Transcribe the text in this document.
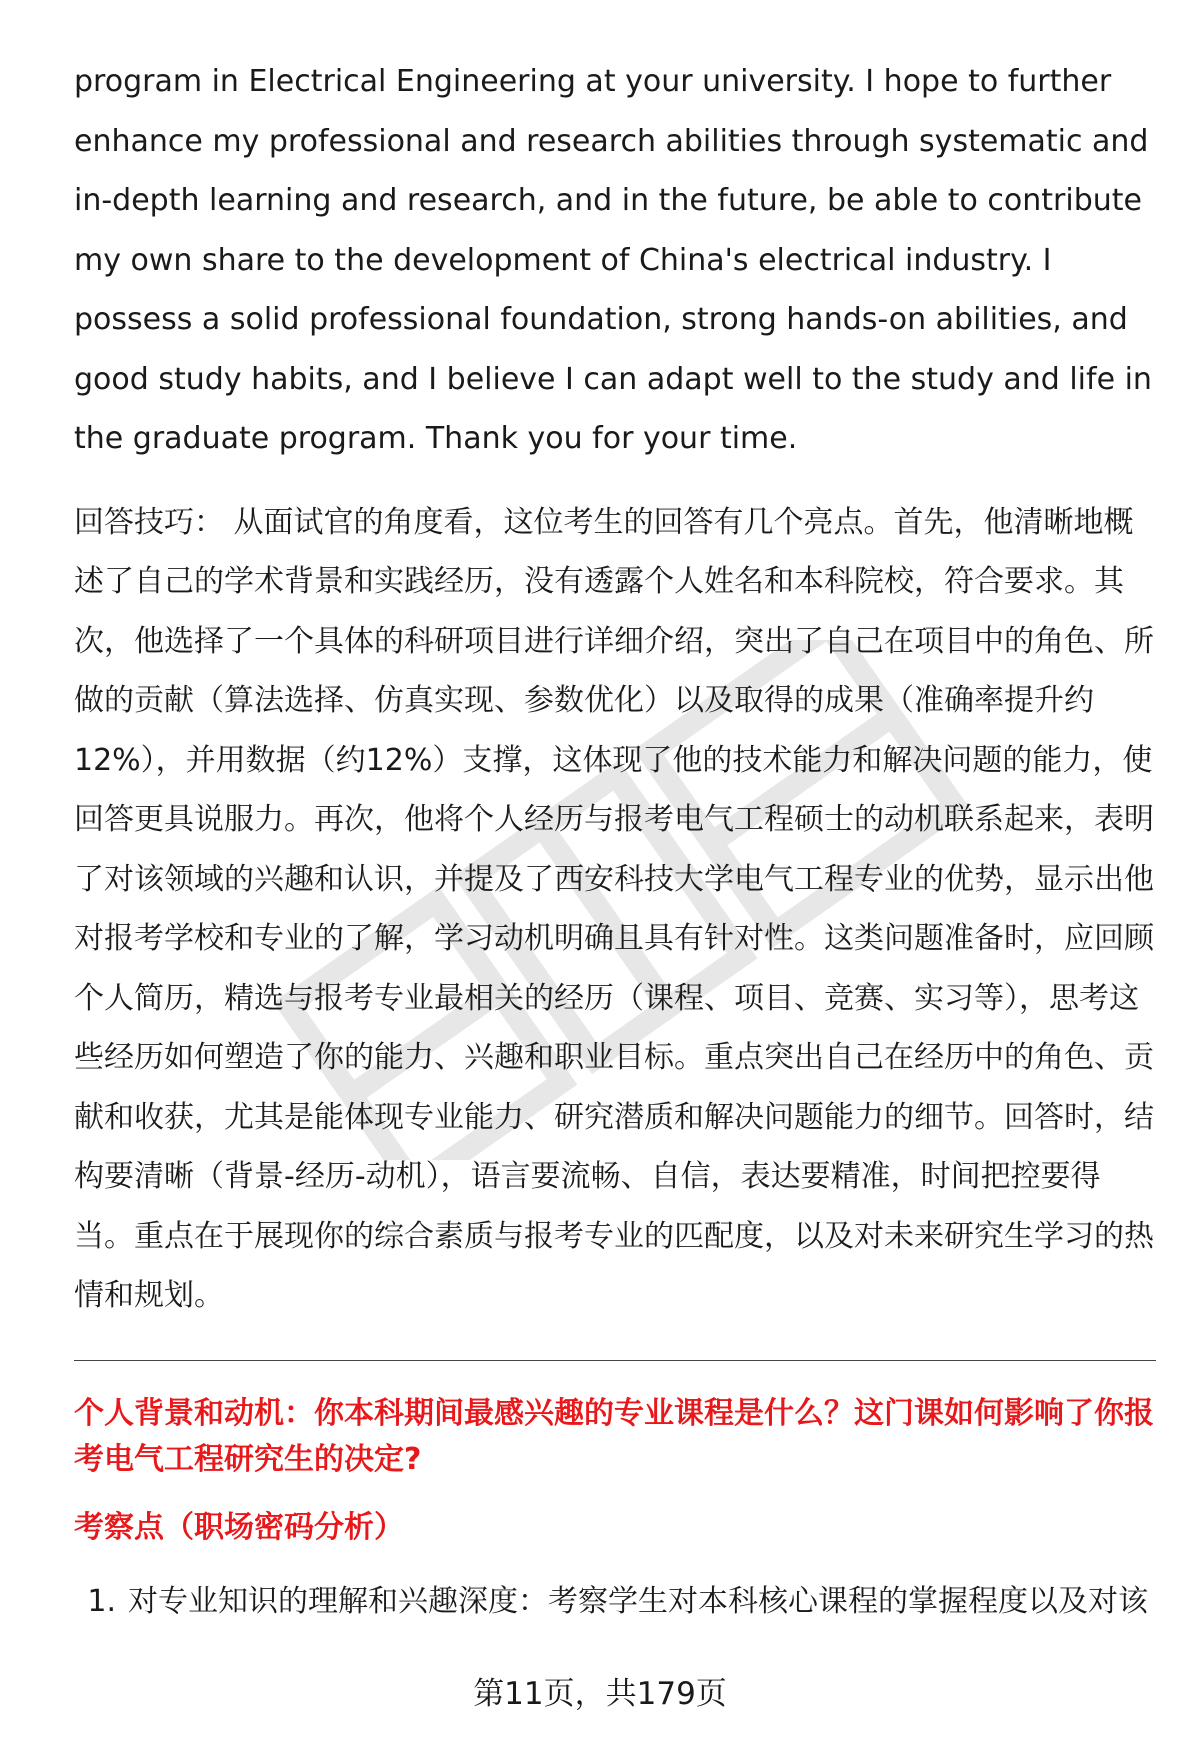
program in Electrical Engineering at your university. I hope to further enhance my professional and research abilities through systematic and in-depth learning and research, and in the future, be able to contribute my own share to the development of China's electrical industry. I possess a solid professional foundation, strong hands-on abilities, and good study habits, and I believe I can adapt well to the study and life in the graduate program. Thank you for your time.

回答技巧： 从面试官的角度看，这位考生的回答有几个亮点。首先，他清晰地概述了自己的学术背景和实践经历，没有透露个人姓名和本科院校，符合要求。其次，他选择了一个具体的科研项目进行详细介绍，突出了自己在项目中的角色、所做的贡献（算法选择、仿真实现、参数优化）以及取得的成果（准确率提升约12%），并用数据（约12%）支撑，这体现了他的技术能力和解决问题的能力，使回答更具说服力。再次，他将个人经历与报考电气工程硕士的动机联系起来，表明了对该领域的兴趣和认识，并提及了西安科技大学电气工程专业的优势，显示出他对报考学校和专业的了解，学习动机明确且具有针对性。这类问题准备时，应回顾个人简历，精选与报考专业最相关的经历（课程、项目、竞赛、实习等），思考这些经历如何塑造了你的能力、兴趣和职业目标。重点突出自己在经历中的角色、贡献和收获，尤其是能体现专业能力、研究潜质和解决问题能力的细节。回答时，结构要清晰（背景-经历-动机），语言要流畅、自信，表达要精准，时间把控要得当。重点在于展现你的综合素质与报考专业的匹配度，以及对未来研究生学习的热情和规划。

个人背景和动机：你本科期间最感兴趣的专业课程是什么？这门课如何影响了你报考电气工程研究生的决定?
考察点（职场密码分析）
1. 对专业知识的理解和兴趣深度：考察学生对本科核心课程的掌握程度以及对该
第11页，共179页
